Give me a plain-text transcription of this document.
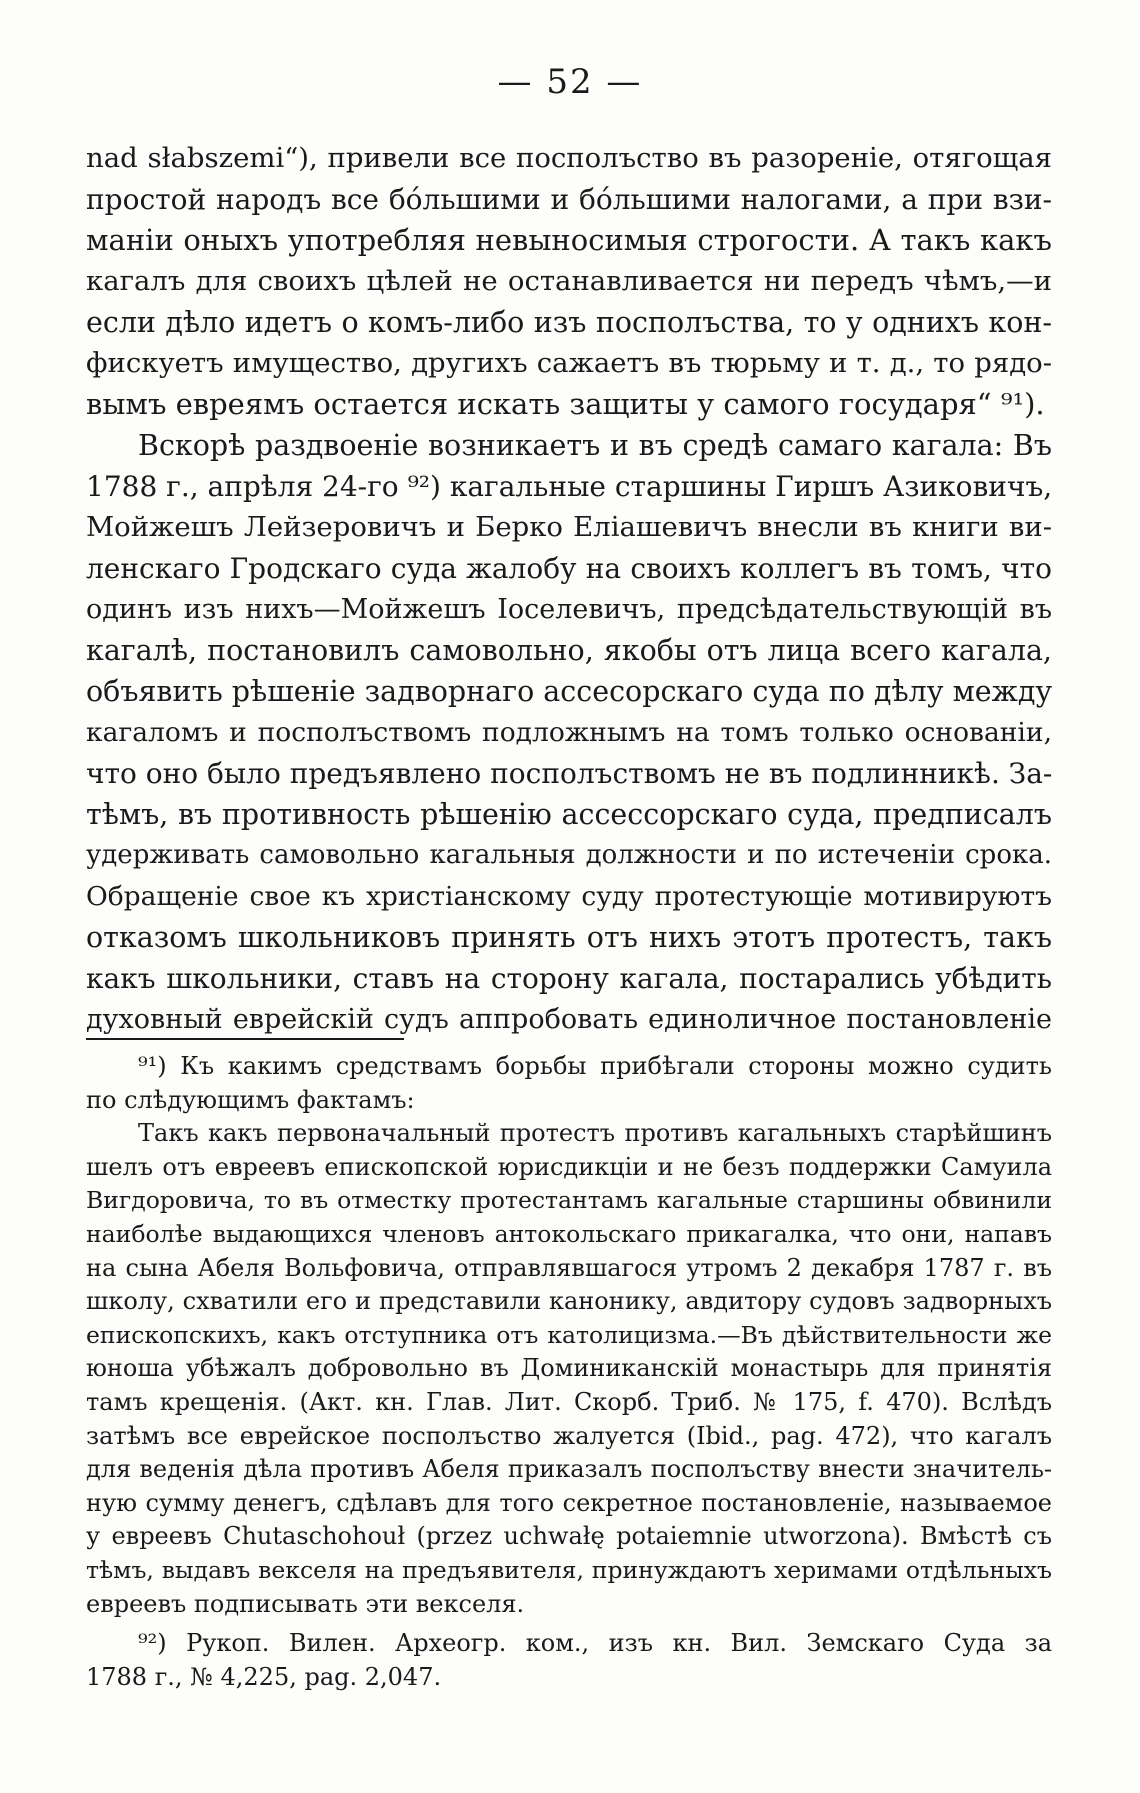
— 52 —
nad słabszemi“), привели все посполъство въ разореніе, отягощая
простой народъ все бо́льшими и бо́льшими налогами, а при взи-
маніи оныхъ употребляя невыносимыя строгости. А такъ какъ
кагалъ для своихъ цѣлей не останавливается ни передъ чѣмъ,—и
если дѣло идетъ о комъ-либо изъ посполъства, то у однихъ кон-
фискуетъ имущество, другихъ сажаетъ въ тюрьму и т. д., то рядо-
вымъ евреямъ остается искать защиты у самого государя“ ⁹¹).
Вскорѣ раздвоеніе возникаетъ и въ средѣ самаго кагала: Въ
1788 г., апрѣля 24-го ⁹²) кагальные старшины Гиршъ Азиковичъ,
Мойжешъ Лейзеровичъ и Берко Еліашевичъ внесли въ книги ви-
ленскаго Гродскаго суда жалобу на своихъ коллегъ въ томъ, что
одинъ изъ нихъ—Мойжешъ Іоселевичъ, предсѣдательствующій въ
кагалѣ, постановилъ самовольно, якобы отъ лица всего кагала,
объявить рѣшеніе задворнаго ассесорскаго суда по дѣлу между
кагаломъ и посполъствомъ подложнымъ на томъ только основаніи,
что оно было предъявлено посполъствомъ не въ подлинникѣ. За-
тѣмъ, въ противность рѣшенію ассессорскаго суда, предписалъ
удерживать самовольно кагальныя должности и по истеченіи срока.
Обращеніе свое къ христіанскому суду протестующіе мотивируютъ
отказомъ школьниковъ принять отъ нихъ этотъ протестъ, такъ
какъ школьники, ставъ на сторону кагала, постарались убѣдить
духовный еврейскій судъ аппробовать единоличное постановленіе
⁹¹) Къ какимъ средствамъ борьбы прибѣгали стороны можно судить
по слѣдующимъ фактамъ:
Такъ какъ первоначальный протестъ противъ кагальныхъ старѣйшинъ
шелъ отъ евреевъ епископской юрисдикціи и не безъ поддержки Самуила
Вигдоровича, то въ отместку протестантамъ кагальные старшины обвинили
наиболѣе выдающихся членовъ антокольскаго прикагалка, что они, напавъ
на сына Абеля Вольфовича, отправлявшагося утромъ 2 декабря 1787 г. въ
школу, схватили его и представили канонику, авдитору судовъ задворныхъ
епископскихъ, какъ отступника отъ католицизма.—Въ дѣйствительности же
юноша убѣжалъ добровольно въ Доминиканскій монастырь для принятія
тамъ крещенія. (Акт. кн. Глав. Лит. Скорб. Триб. № 175, f. 470). Вслѣдъ
затѣмъ все еврейское посполъство жалуется (Ibid., pag. 472), что кагалъ
для веденія дѣла противъ Абеля приказалъ посполъству внести значитель-
ную сумму денегъ, сдѣлавъ для того секретное постановленіе, называемое
у евреевъ Chutaschohouł (przez uchwałę potaiemnie utworzona). Вмѣстѣ съ
тѣмъ, выдавъ векселя на предъявителя, принуждаютъ херимами отдѣльныхъ
евреевъ подписывать эти векселя.
⁹²) Рукоп. Вилен. Археогр. ком., изъ кн. Вил. Земскаго Суда за
1788 г., № 4,225, pag. 2,047.
